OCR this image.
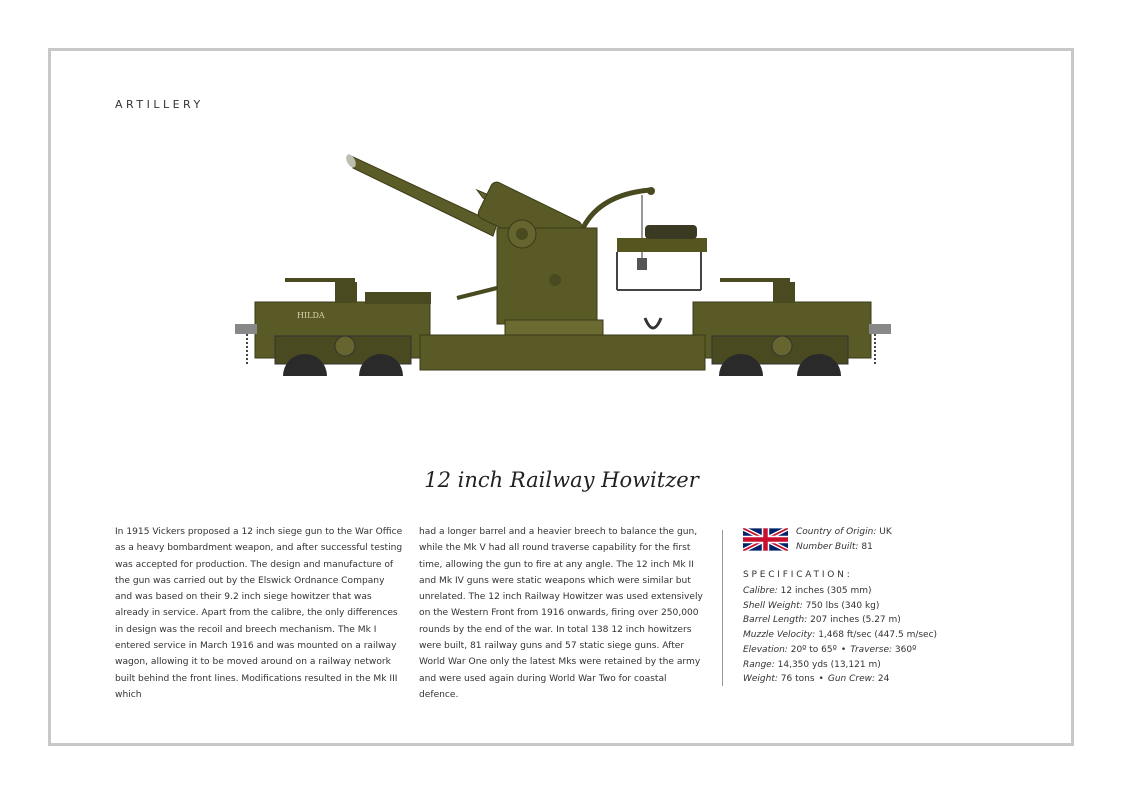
ARTILLERY
HILDA
12 inch Railway Howitzer
In 1915 Vickers proposed a 12 inch siege gun to the War Office as a heavy bombardment weapon, and after successful testing was accepted for production. The design and manufacture of the gun was carried out by the Elswick Ordnance Company and was based on their 9.2 inch siege howitzer that was already in service. Apart from the calibre, the only differences in design was the recoil and breech mechanism. The Mk I entered service in March 1916 and was mounted on a railway wagon, allowing it to be moved around on a railway network built behind the front lines. Modifications resulted in the Mk III which
had a longer barrel and a heavier breech to balance the gun, while the Mk V had all round traverse capability for the first time, allowing the gun to fire at any angle. The 12 inch Mk II and Mk IV guns were static weapons which were similar but unrelated. The 12 inch Railway Howitzer was used extensively on the Western Front from 1916 onwards, firing over 250,000 rounds by the end of the war. In total 138 12 inch howitzers were built, 81 railway guns and 57 static siege guns. After World War One only the latest Mks were retained by the army and were used again during World War Two for coastal defence.
Country of Origin: UK
Number Built: 81
SPECIFICATION:
Calibre: 12 inches (305 mm)
Shell Weight: 750 lbs (340 kg)
Barrel Length: 207 inches (5.27 m)
Muzzle Velocity: 1,468 ft/sec (447.5 m/sec)
Elevation: 20º to 65º • Traverse: 360º
Range: 14,350 yds (13,121 m)
Weight: 76 tons • Gun Crew: 24
